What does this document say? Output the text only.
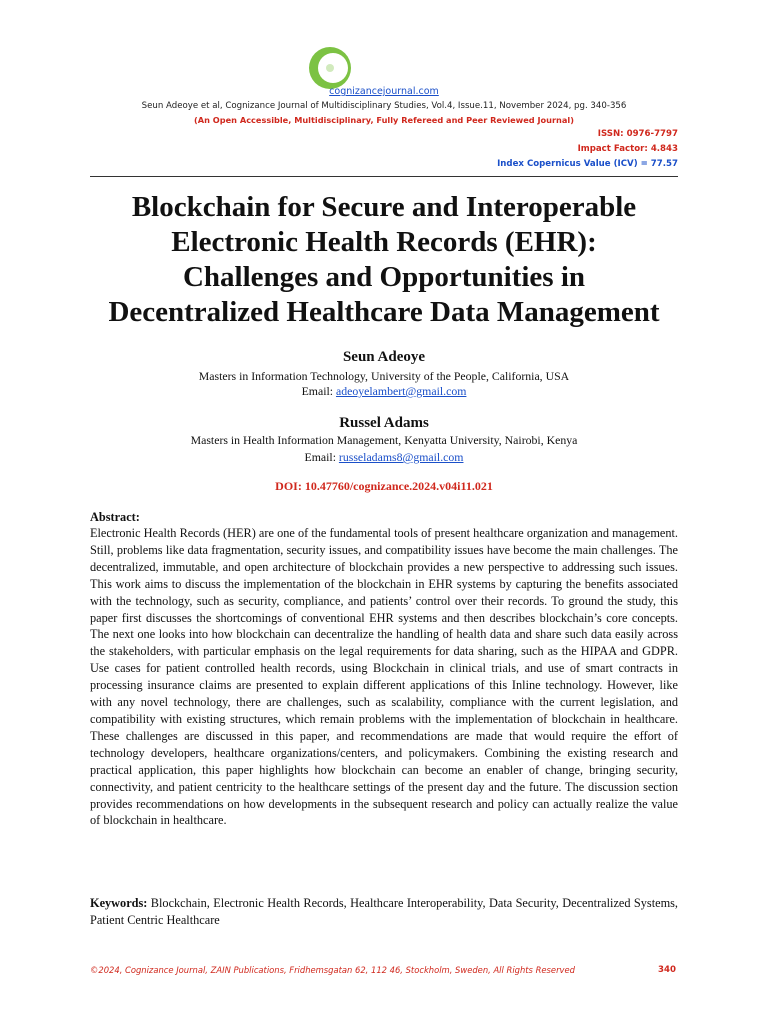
cognizancejournal.com
Seun Adeoye et al, Cognizance Journal of Multidisciplinary Studies, Vol.4, Issue.11, November 2024, pg. 340-356
(An Open Accessible, Multidisciplinary, Fully Refereed and Peer Reviewed Journal)
ISSN: 0976-7797
Impact Factor: 4.843
Index Copernicus Value (ICV) = 77.57
Blockchain for Secure and Interoperable
Electronic Health Records (EHR):
Challenges and Opportunities in
Decentralized Healthcare Data Management
Seun Adeoye
Masters in Information Technology, University of the People, California, USA
Email: adeoyelambert@gmail.com
Russel Adams
Masters in Health Information Management, Kenyatta University, Nairobi, Kenya
Email: russeladams8@gmail.com
DOI: 10.47760/cognizance.2024.v04i11.021
Abstract:

Electronic Health Records (HER) are one of the fundamental tools of present healthcare organization and management. Still, problems like data fragmentation, security issues, and compatibility issues have become the main challenges. The decentralized, immutable, and open architecture of blockchain provides a new perspective to addressing such issues. This work aims to discuss the implementation of the blockchain in EHR systems by capturing the benefits associated with the technology, such as security, compliance, and patients’ control over their records. To ground the study, this paper first discusses the shortcomings of conventional EHR systems and then describes blockchain’s core concepts. The next one looks into how blockchain can decentralize the handling of health data and share such data easily across the stakeholders, with particular emphasis on the legal requirements for data sharing, such as the HIPAA and GDPR. Use cases for patient controlled health records, using Blockchain in clinical trials, and use of smart contracts in processing insurance claims are presented to explain different applications of this Inline technology. However, like with any novel technology, there are challenges, such as scalability, compliance with the current legislation, and compatibility with existing structures, which remain problems with the implementation of blockchain in healthcare. These challenges are discussed in this paper, and recommendations are made that would require the effort of technology developers, healthcare organizations/centers, and policymakers. Combining the existing research and practical application, this paper highlights how blockchain can become an enabler of change, bringing security, connectivity, and patient centricity to the healthcare settings of the present day and the future. The discussion section provides recommendations on how developments in the subsequent research and policy can actually realize the value of blockchain in healthcare.

Keywords: Blockchain, Electronic Health Records, Healthcare Interoperability, Data Security, Decentralized Systems, Patient Centric Healthcare

©2024, Cognizance Journal, ZAIN Publications, Fridhemsgatan 62, 112 46, Stockholm, Sweden, All Rights Reserved	340
